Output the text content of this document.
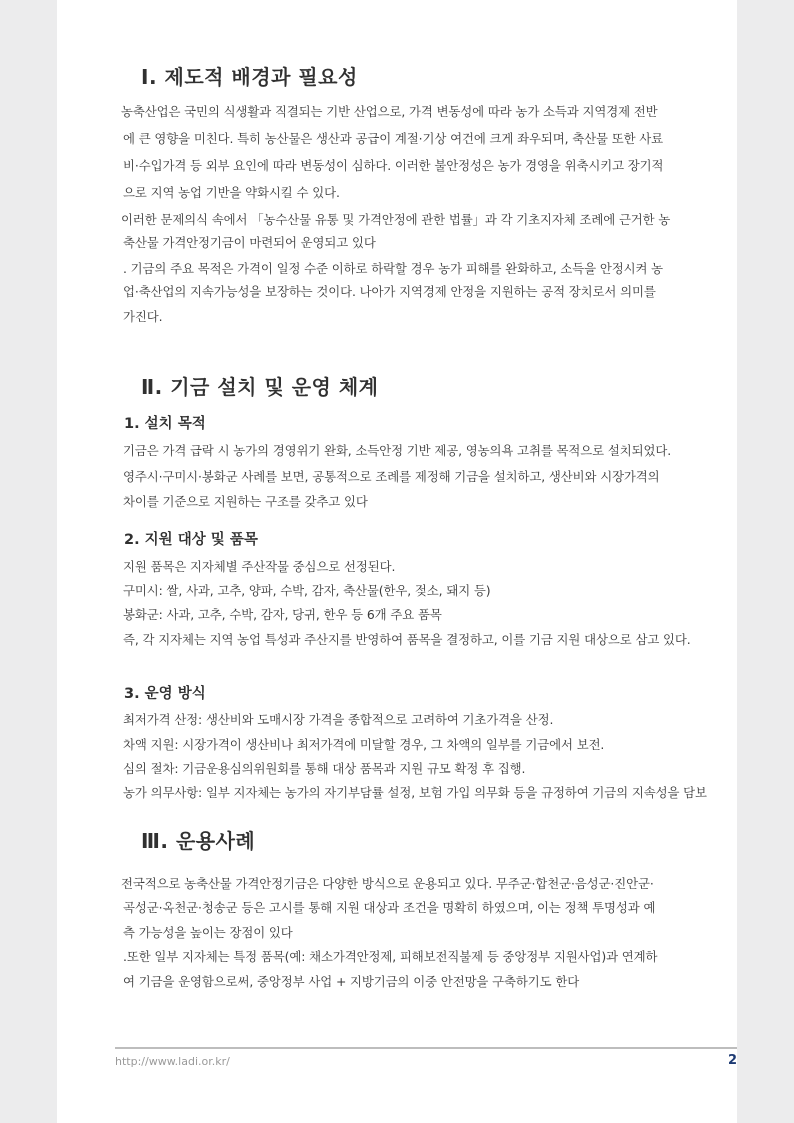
Ⅰ. 제도적 배경과 필요성
농축산업은 국민의 식생활과 직결되는 기반 산업으로, 가격 변동성에 따라 농가 소득과 지역경제 전반
에 큰 영향을 미친다. 특히 농산물은 생산과 공급이 계절·기상 여건에 크게 좌우되며, 축산물 또한 사료
비·수입가격 등 외부 요인에 따라 변동성이 심하다. 이러한 불안정성은 농가 경영을 위축시키고 장기적
으로 지역 농업 기반을 약화시킬 수 있다.
이러한 문제의식 속에서 「농수산물 유통 및 가격안정에 관한 법률」과 각 기초지자체 조례에 근거한 농
축산물 가격안정기금이 마련되어 운영되고 있다
. 기금의 주요 목적은 가격이 일정 수준 이하로 하락할 경우 농가 피해를 완화하고, 소득을 안정시켜 농
업·축산업의 지속가능성을 보장하는 것이다. 나아가 지역경제 안정을 지원하는 공적 장치로서 의미를
가진다.
Ⅱ. 기금 설치 및 운영 체계
1. 설치 목적
기금은 가격 급락 시 농가의 경영위기 완화, 소득안정 기반 제공, 영농의욕 고취를 목적으로 설치되었다.
영주시·구미시·봉화군 사례를 보면, 공통적으로 조례를 제정해 기금을 설치하고, 생산비와 시장가격의
차이를 기준으로 지원하는 구조를 갖추고 있다
2. 지원 대상 및 품목
지원 품목은 지자체별 주산작물 중심으로 선정된다.
구미시: 쌀, 사과, 고추, 양파, 수박, 감자, 축산물(한우, 젖소, 돼지 등)
봉화군: 사과, 고추, 수박, 감자, 당귀, 한우 등 6개 주요 품목
즉, 각 지자체는 지역 농업 특성과 주산지를 반영하여 품목을 결정하고, 이를 기금 지원 대상으로 삼고 있다.
3. 운영 방식
최저가격 산정: 생산비와 도매시장 가격을 종합적으로 고려하여 기초가격을 산정.
차액 지원: 시장가격이 생산비나 최저가격에 미달할 경우, 그 차액의 일부를 기금에서 보전.
심의 절차: 기금운용심의위원회를 통해 대상 품목과 지원 규모 확정 후 집행.
농가 의무사항: 일부 지자체는 농가의 자기부담률 설정, 보험 가입 의무화 등을 규정하여 기금의 지속성을 담보
Ⅲ. 운용사례
전국적으로 농축산물 가격안정기금은 다양한 방식으로 운용되고 있다. 무주군·합천군·음성군·진안군·
곡성군·옥천군·청송군 등은 고시를 통해 지원 대상과 조건을 명확히 하였으며, 이는 정책 투명성과 예
측 가능성을 높이는 장점이 있다
.또한 일부 지자체는 특정 품목(예: 채소가격안정제, 피해보전직불제 등 중앙정부 지원사업)과 연계하
여 기금을 운영함으로써, 중앙정부 사업 + 지방기금의 이중 안전망을 구축하기도 한다
http://www.ladi.or.kr/	2
